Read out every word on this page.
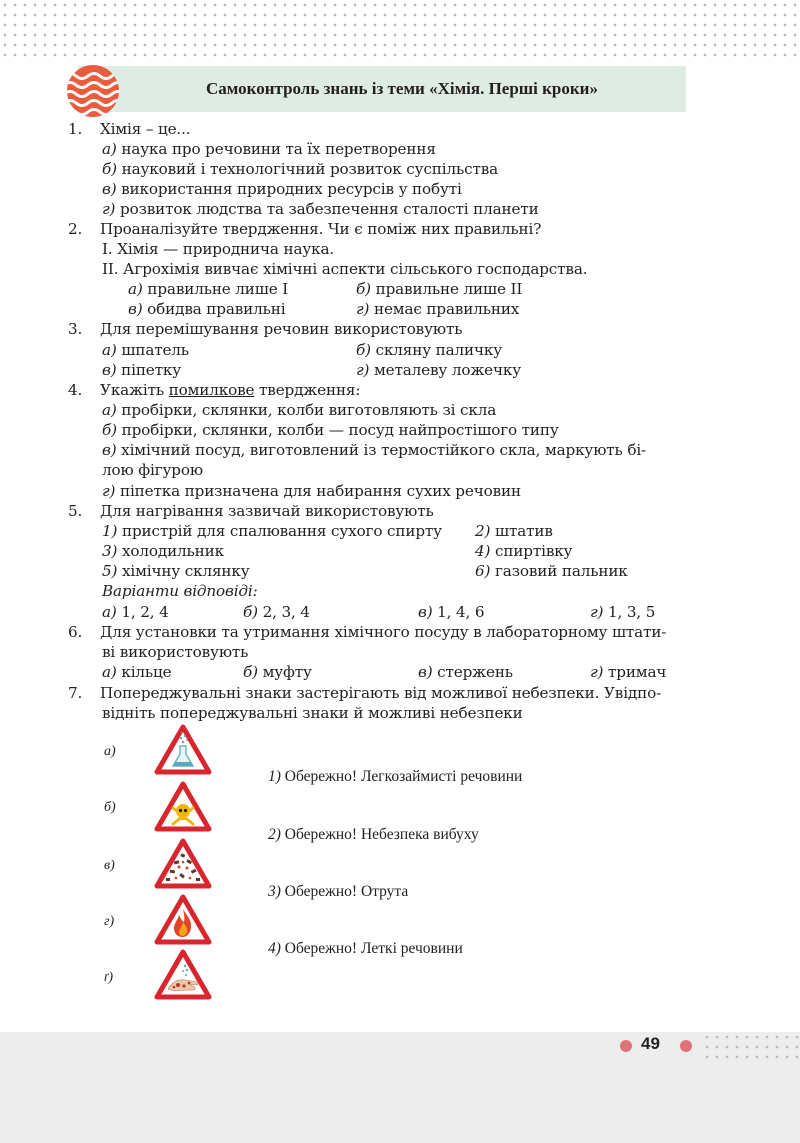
Самоконтроль знань із теми «Хімія. Перші кроки»
1.	Хімія – це...
а) наука про речовини та їх перетворення
б) науковий і технологічний розвиток суспільства
в) використання природних ресурсів у побуті
г) розвиток людства та забезпечення сталості планети
2.	Проаналізуйте твердження. Чи є поміж них правильні?
І. Хімія — природнича наука.
ІІ. Агрохімія вивчає хімічні аспекти сільського господарства.
а) правильне лише І	б) правильне лише ІІ
в) обидва правильні	г) немає правильних
3.	Для перемішування речовин використовують
а) шпатель	б) скляну паличку
в) піпетку	г) металеву ложечку
4.	Укажіть помилкове твердження:
а) пробірки, склянки, колби виготовляють зі скла
б) пробірки, склянки, колби — посуд найпростішого типу
в) хімічний посуд, виготовлений із термостійкого скла, маркують бі-
лою фігурою
г) піпетка призначена для набирання сухих речовин
5.	Для нагрівання зазвичай використовують
1) пристрій для спалювання сухого спирту 2) штатив
3) холодильник	4) спиртівку
5) хімічну склянку	6) газовий пальник
Варіанти відповіді:
а) 1, 2, 4	б) 2, 3, 4	в) 1, 4, 6	г) 1, 3, 5
6.	Для установки та утримання хімічного посуду в лабораторному штати-
ві використовують
а) кільце	б) муфту	в) стержень	г) тримач
7.	Попереджувальні знаки застерігають від можливої небезпеки. Увідпо-
відніть попереджувальні знаки й можливі небезпеки
а)
б)
в)
г)
ґ)
1) Обережно! Легкозаймисті речовини
2) Обережно! Небезпека вибуху
3) Обережно! Отрута
4) Обережно! Леткі речовини
49
